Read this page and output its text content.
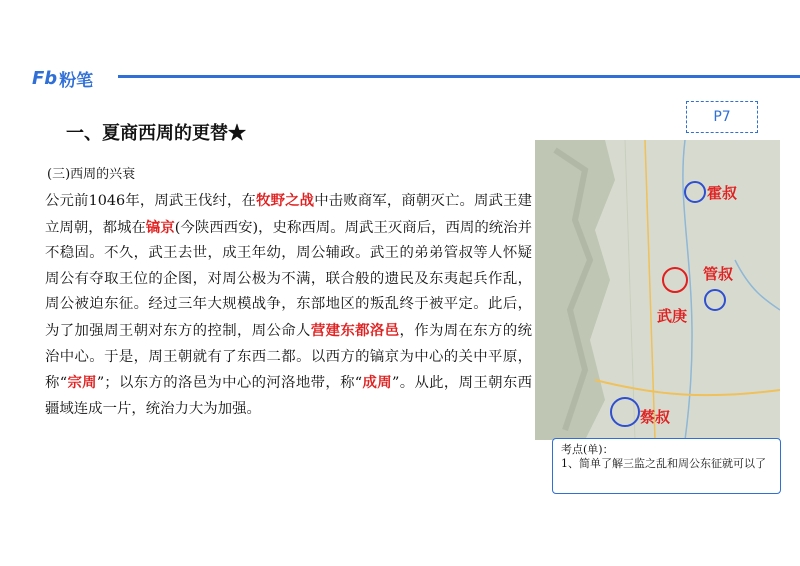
Fb 粉笔
P7
一、夏商西周的更替★
(三)西周的兴衰
公元前1046年，周武王伐纣，在牧野之战中击败商军，商朝灭亡。周武王建立周朝，都城在镐京(今陕西西安)，史称西周。周武王灭商后，西周的统治并不稳固。不久，武王去世，成王年幼，周公辅政。武王的弟弟管叔等人怀疑周公有夺取王位的企图，对周公极为不满，联合般的遗民及东夷起兵作乱，周公被迫东征。经过三年大规模战争，东部地区的叛乱终于被平定。此后，为了加强周王朝对东方的控制，周公命人营建东都洛邑，作为周在东方的统治中心。于是，周王朝就有了东西二都。以西方的镐京为中心的关中平原，称“宗周”；以东方的洛邑为中心的河洛地带，称“成周”。从此，周王朝东西疆域连成一片，统治力大为加强。
霍叔
管叔
武庚
蔡叔
考点(单)：
1、简单了解三监之乱和周公东征就可以了
